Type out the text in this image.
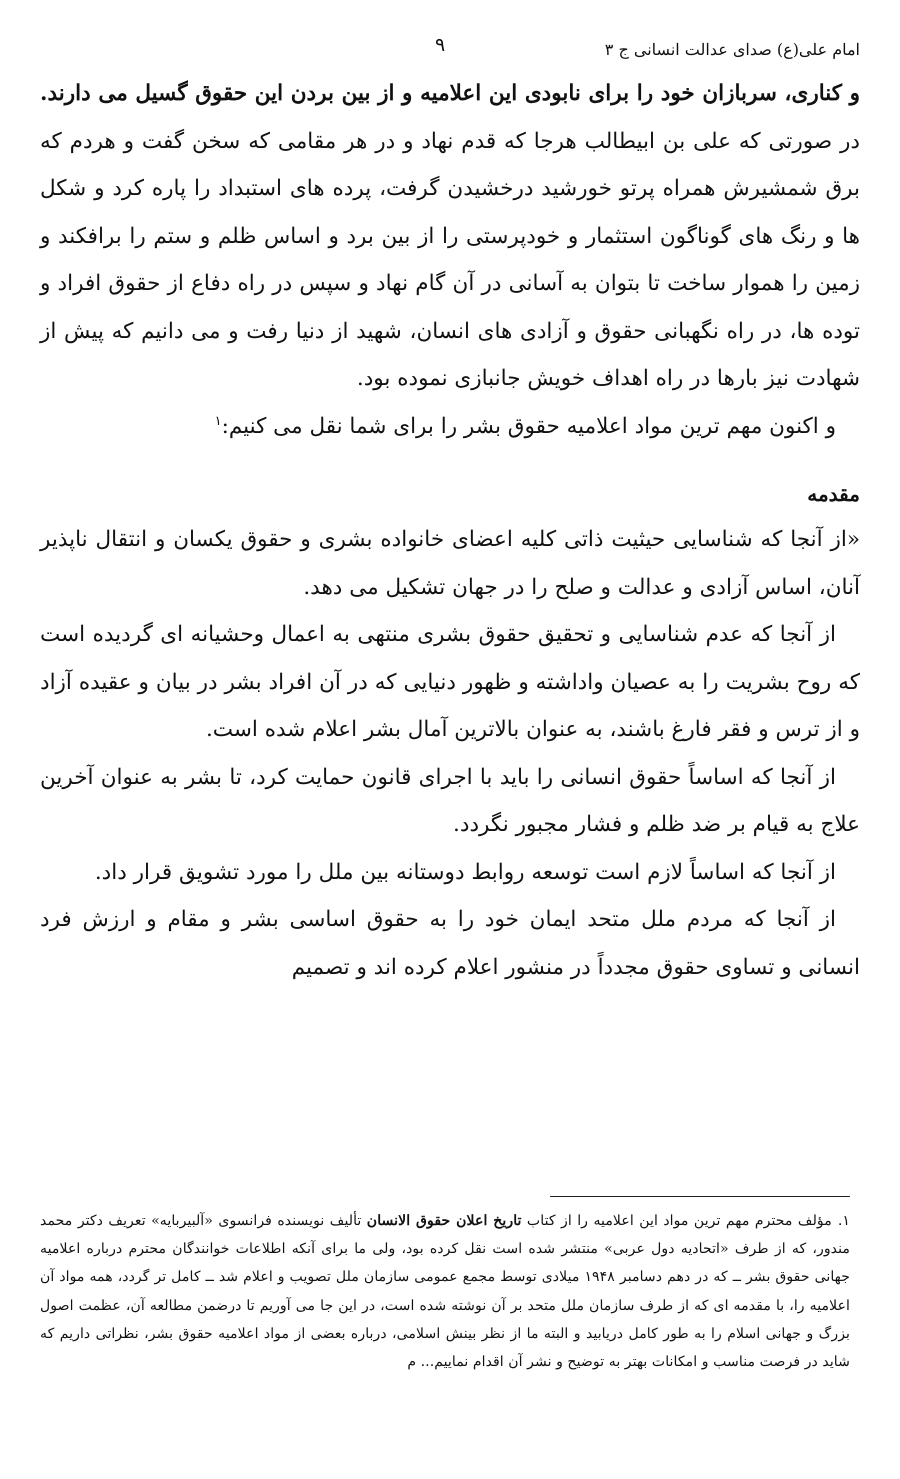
امام علی(ع) صدای عدالت انسانی ج ۳
۹

و کناری، سربازان خود را برای نابودی این اعلامیه و از بین بردن این حقوق گسیل می دارند. در صورتی که علی بن ابیطالب هرجا که قدم نهاد و در هر مقامی که سخن گفت و هردم که برق شمشیرش همراه پرتو خورشید درخشیدن گرفت، پرده های استبداد را پاره کرد و شکل ها و رنگ های گوناگون استثمار و خودپرستی را از بین برد و اساس ظلم و ستم را برافکند و زمین را هموار ساخت تا بتوان به آسانی در آن گام نهاد و سپس در راه دفاع از حقوق افراد و توده ها، در راه نگهبانی حقوق و آزادی های انسان، شهید از دنیا رفت و می دانیم که پیش از شهادت نیز بارها در راه اهداف خویش جانبازی نموده بود.

و اکنون مهم ترین مواد اعلامیه حقوق بشر را برای شما نقل می کنیم:$^۱$

مقدمه

«از آنجا که شناسایی حیثیت ذاتی کلیه اعضای خانواده بشری و حقوق یکسان و انتقال ناپذیر آنان، اساس آزادی و عدالت و صلح را در جهان تشکیل می دهد.

از آنجا که عدم شناسایی و تحقیق حقوق بشری منتهی به اعمال وحشیانه ای گردیده است که روح بشریت را به عصیان واداشته و ظهور دنیایی که در آن افراد بشر در بیان و عقیده آزاد و از ترس و فقر فارغ باشند، به عنوان بالاترین آمال بشر اعلام شده است.

از آنجا که اساساً حقوق انسانی را باید با اجرای قانون حمایت کرد، تا بشر به عنوان آخرین علاج به قیام بر ضد ظلم و فشار مجبور نگردد.

از آنجا که اساساً لازم است توسعه روابط دوستانه بین ملل را مورد تشویق قرار داد.

از آنجا که مردم ملل متحد ایمان خود را به حقوق اساسی بشر و مقام و ارزش فرد انسانی و تساوی حقوق مجدداً در منشور اعلام کرده اند و تصمیم

۱.مؤلف محترم مهم ترین مواد این اعلامیه را از کتاب تاریخ اعلان حقوق الانسان تألیف نویسنده فرانسوی «آلبیربایه» تعریف دکتر محمد مندور، که از طرف «اتحادیه دول عربی» منتشر شده است نقل کرده بود، ولی ما برای آنکه اطلاعات خوانندگان محترم درباره اعلامیه جهانی حقوق بشر ــ که در دهم دسامبر ۱۹۴۸ میلادی توسط مجمع عمومی سازمان ملل تصویب و اعلام شد ــ کامل تر گردد، همه مواد آن اعلامیه را، با مقدمه ای که از طرف سازمان ملل متحد بر آن نوشته شده است، در این جا می آوریم تا درضمن مطالعه آن، عظمت اصول بزرگ و جهانی اسلام را به طور کامل دریابید و البته ما از نظر بینش اسلامی، درباره بعضی از مواد اعلامیه حقوق بشر، نظراتی داریم که شاید در فرصت مناسب و امکانات بهتر به توضیح و نشر آن اقدام نماییم... م
